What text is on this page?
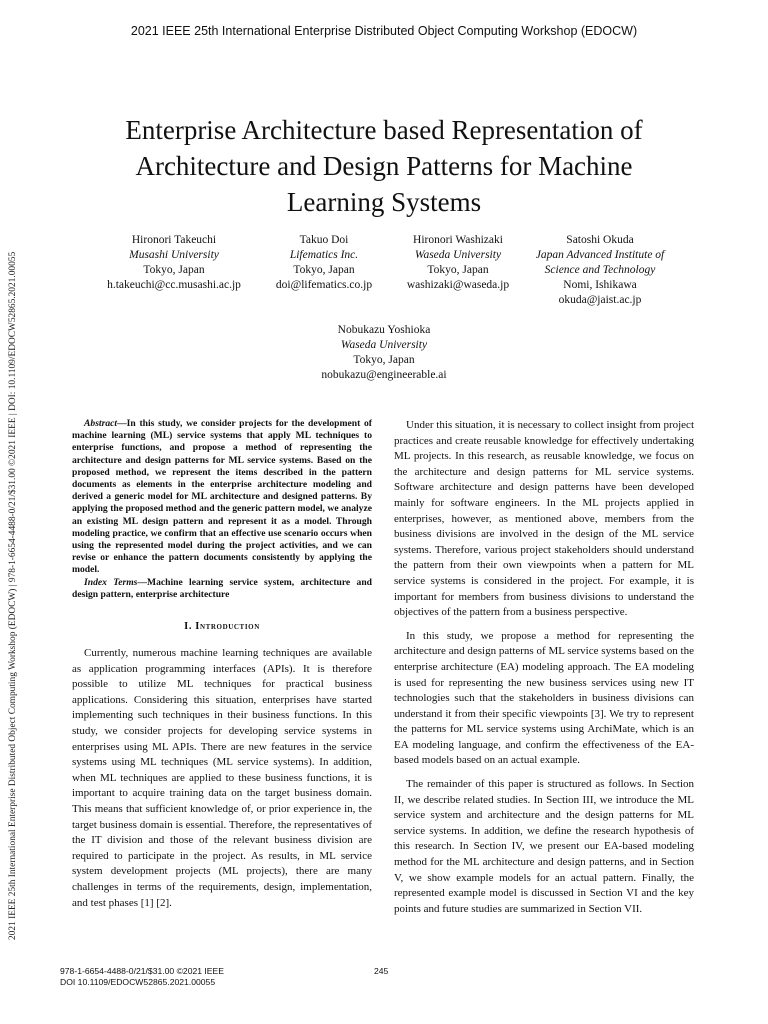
2021 IEEE 25th International Enterprise Distributed Object Computing Workshop (EDOCW)
2021 IEEE 25th International Enterprise Distributed Object Computing Workshop (EDOCW) | 978-1-6654-4488-0/21/$31.00 ©2021 IEEE | DOI: 10.1109/EDOCW52865.2021.00055
Enterprise Architecture based Representation of
Architecture and Design Patterns for Machine
Learning Systems
Hironori Takeuchi
Musashi University
Tokyo, Japan
h.takeuchi@cc.musashi.ac.jp
Takuo Doi
Lifematics Inc.
Tokyo, Japan
doi@lifematics.co.jp
Hironori Washizaki
Waseda University
Tokyo, Japan
washizaki@waseda.jp
Satoshi Okuda
Japan Advanced Institute of
Science and Technology
Nomi, Ishikawa
okuda@jaist.ac.jp
Nobukazu Yoshioka
Waseda University
Tokyo, Japan
nobukazu@engineerable.ai

Abstract—In this study, we consider projects for the development of machine learning (ML) service systems that apply ML techniques to enterprise functions, and propose a method of representing the architecture and design patterns for ML service systems. Based on the proposed method, we represent the items described in the pattern documents as elements in the enterprise architecture modeling and derived a generic model for ML architecture and designed patterns. By applying the proposed method and the generic pattern model, we analyze an existing ML design pattern and represent it as a model. Through modeling practice, we confirm that an effective use scenario occurs when using the represented model during the project activities, and we can revise or enhance the pattern documents consistently by applying the model.

Index Terms—Machine learning service system, architecture and design pattern, enterprise architecture

I. Introduction

Currently, numerous machine learning techniques are available as application programming interfaces (APIs). It is therefore possible to utilize ML techniques for practical business applications. Considering this situation, enterprises have started implementing such techniques in their business functions. In this study, we consider projects for developing service systems in enterprises using ML APIs. There are new features in the service systems using ML techniques (ML service systems). In addition, when ML techniques are applied to these business functions, it is important to acquire training data on the target business domain. This means that sufficient knowledge of, or prior experience in, the target business domain is essential. Therefore, the representatives of the IT division and those of the relevant business division are required to participate in the project. As results, in ML service system development projects (ML projects), there are many challenges in terms of the requirements, design, implementation, and test phases [1] [2].

Under this situation, it is necessary to collect insight from project practices and create reusable knowledge for effectively undertaking ML projects. In this research, as reusable knowledge, we focus on the architecture and design patterns for ML service systems. Software architecture and design patterns have been developed mainly for software engineers. In the ML projects applied in enterprises, however, as mentioned above, members from the business divisions are involved in the design of the ML service systems. Therefore, various project stakeholders should understand the pattern from their own viewpoints when a pattern for ML service systems is considered in the project. For example, it is important for members from business divisions to understand the objectives of the pattern from a business perspective.

In this study, we propose a method for representing the architecture and design patterns of ML service systems based on the enterprise architecture (EA) modeling approach. The EA modeling is used for representing the new business services using new IT technologies such that the stakeholders in business divisions can understand it from their specific viewpoints [3]. We try to represent the patterns for ML service systems using ArchiMate, which is an EA modeling language, and confirm the effectiveness of the EA-based models based on an actual example.

The remainder of this paper is structured as follows. In Section II, we describe related studies. In Section III, we introduce the ML service system and architecture and the design patterns for ML service systems. In addition, we define the research hypothesis of this research. In Section IV, we present our EA-based modeling method for the ML architecture and design patterns, and in Section V, we show example models for an actual pattern. Finally, the represented example model is discussed in Section VI and the key points and future studies are summarized in Section VII.

978-1-6654-4488-0/21/$31.00 ©2021 IEEE
DOI 10.1109/EDOCW52865.2021.00055
245
